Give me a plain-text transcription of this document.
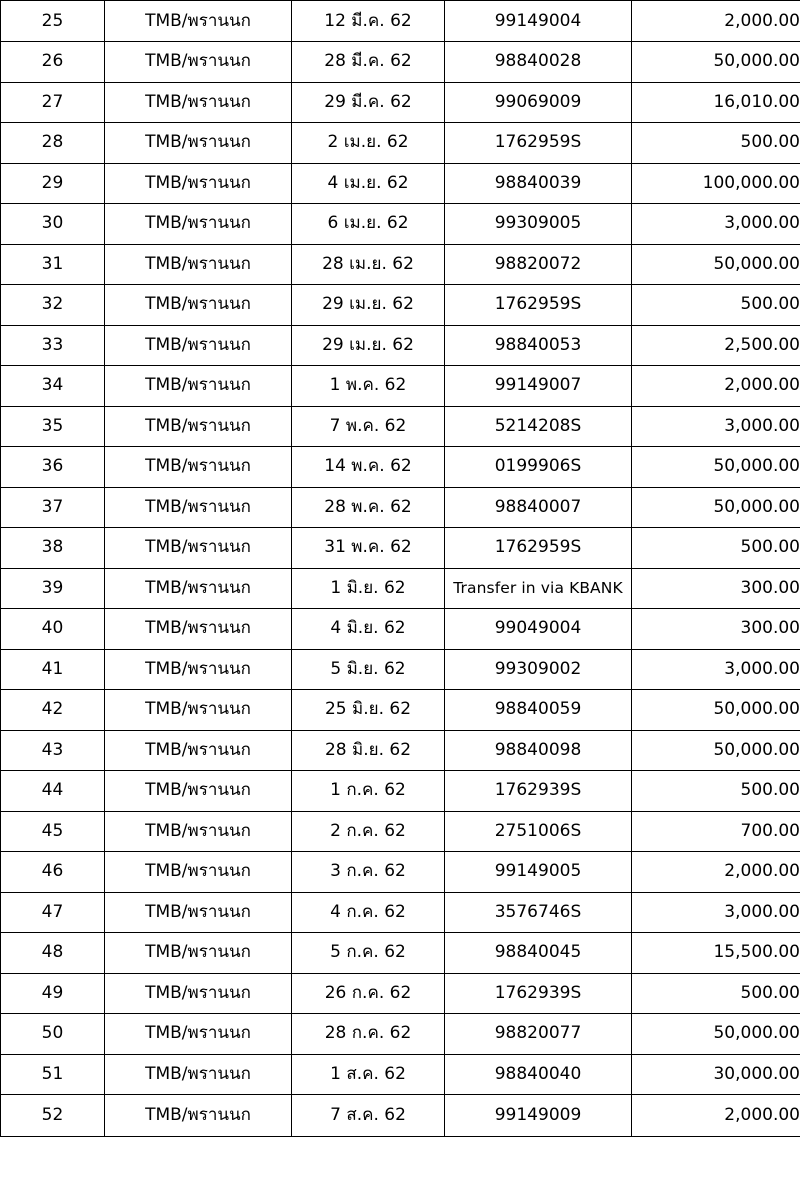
25	TMB/พรานนก	12 มี.ค. 62	99149004	2,000.00
26	TMB/พรานนก	28 มี.ค. 62	98840028	50,000.00
27	TMB/พรานนก	29 มี.ค. 62	99069009	16,010.00
28	TMB/พรานนก	2 เม.ย. 62	1762959S	500.00
29	TMB/พรานนก	4 เม.ย. 62	98840039	100,000.00
30	TMB/พรานนก	6 เม.ย. 62	99309005	3,000.00
31	TMB/พรานนก	28 เม.ย. 62	98820072	50,000.00
32	TMB/พรานนก	29 เม.ย. 62	1762959S	500.00
33	TMB/พรานนก	29 เม.ย. 62	98840053	2,500.00
34	TMB/พรานนก	1 พ.ค. 62	99149007	2,000.00
35	TMB/พรานนก	7 พ.ค. 62	5214208S	3,000.00
36	TMB/พรานนก	14 พ.ค. 62	0199906S	50,000.00
37	TMB/พรานนก	28 พ.ค. 62	98840007	50,000.00
38	TMB/พรานนก	31 พ.ค. 62	1762959S	500.00
39	TMB/พรานนก	1 มิ.ย. 62	Transfer in via KBANK	300.00
40	TMB/พรานนก	4 มิ.ย. 62	99049004	300.00
41	TMB/พรานนก	5 มิ.ย. 62	99309002	3,000.00
42	TMB/พรานนก	25 มิ.ย. 62	98840059	50,000.00
43	TMB/พรานนก	28 มิ.ย. 62	98840098	50,000.00
44	TMB/พรานนก	1 ก.ค. 62	1762939S	500.00
45	TMB/พรานนก	2 ก.ค. 62	2751006S	700.00
46	TMB/พรานนก	3 ก.ค. 62	99149005	2,000.00
47	TMB/พรานนก	4 ก.ค. 62	3576746S	3,000.00
48	TMB/พรานนก	5 ก.ค. 62	98840045	15,500.00
49	TMB/พรานนก	26 ก.ค. 62	1762939S	500.00
50	TMB/พรานนก	28 ก.ค. 62	98820077	50,000.00
51	TMB/พรานนก	1 ส.ค. 62	98840040	30,000.00
52	TMB/พรานนก	7 ส.ค. 62	99149009	2,000.00
